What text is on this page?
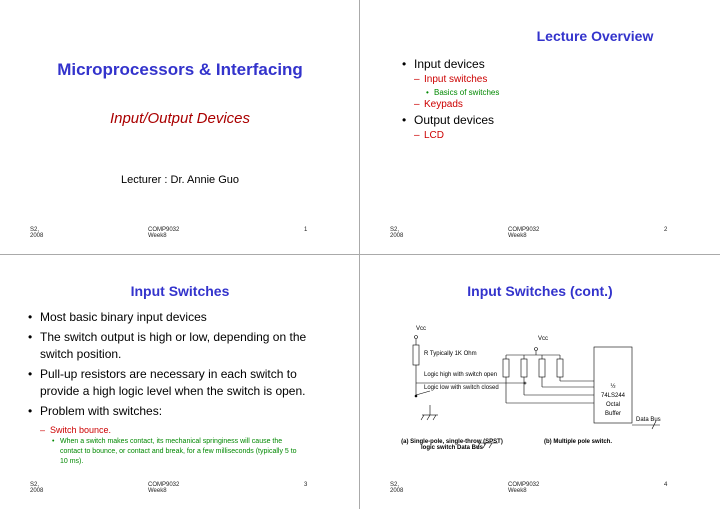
Microprocessors & Interfacing
Input/Output Devices
Lecturer : Dr. Annie Guo
S2, 2008
COMP9032 Week8
1
Lecture Overview
• Input devices
– Input switches
• Basics of switches
– Keypads
• Output devices
– LCD
S2, 2008
COMP9032 Week8
2
Input Switches
• Most basic binary input devices
• The switch output is high or low, depending on the switch position.
• Pull-up resistors are necessary in each switch to provide a high logic level when the switch is open.
• Problem with switches:
– Switch bounce.
• When a switch makes contact, its mechanical springiness will cause the contact to bounce, or contact and break, for a few milliseconds (typically 5 to 10 ms).
S2, 2008
COMP9032 Week8
3
Input Switches (cont.)
Vcc
Vcc
R Typically 1K Ohm
Logic high with switch open
Logic low with switch closed	½
74LS244
Octal
Buffer
Data Bus
(a) Single-pole, single-throw (SPST) logic switch Data Bus
(b) Multiple pole switch.
S2, 2008
COMP9032 Week8
4
